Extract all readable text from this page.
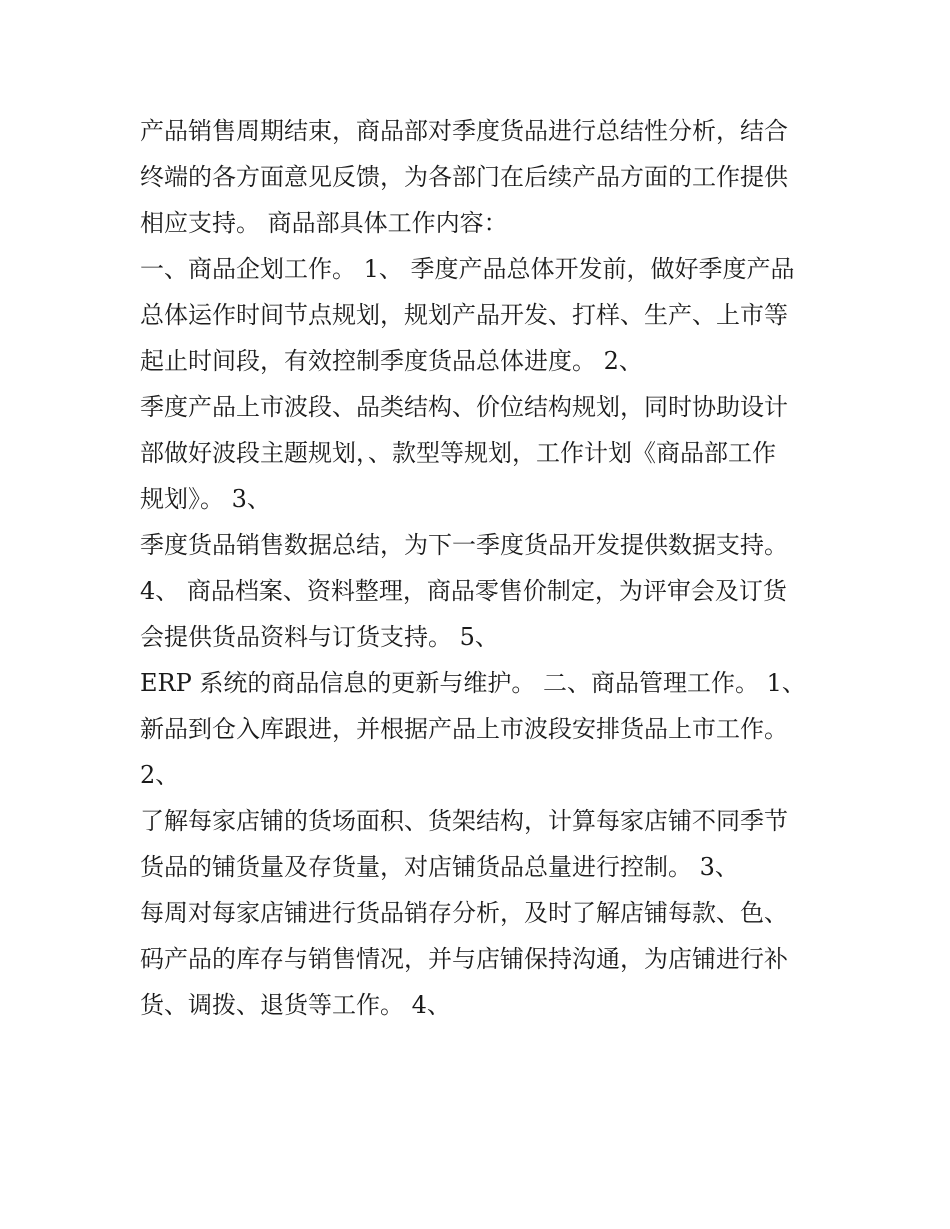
产品销售周期结束，商品部对季度货品进行总结性分析，结合
终端的各方面意见反馈，为各部门在后续产品方面的工作提供
相应支持。 商品部具体工作内容：
一、商品企划工作。 1、 季度产品总体开发前，做好季度产品
总体运作时间节点规划，规划产品开发、打样、生产、上市等
起止时间段，有效控制季度货品总体进度。 2、
季度产品上市波段、品类结构、价位结构规划，同时协助设计
部做好波段主题规划，、款型等规划，工作计划《商品部工作
规划》。 3、
季度货品销售数据总结，为下一季度货品开发提供数据支持。
4、 商品档案、资料整理，商品零售价制定，为评审会及订货
会提供货品资料与订货支持。 5、
ERP 系统的商品信息的更新与维护。 二、商品管理工作。 1、
新品到仓入库跟进，并根据产品上市波段安排货品上市工作。
2、
了解每家店铺的货场面积、货架结构，计算每家店铺不同季节
货品的铺货量及存货量，对店铺货品总量进行控制。 3、
每周对每家店铺进行货品销存分析，及时了解店铺每款、色、
码产品的库存与销售情况，并与店铺保持沟通，为店铺进行补
货、调拨、退货等工作。 4、
